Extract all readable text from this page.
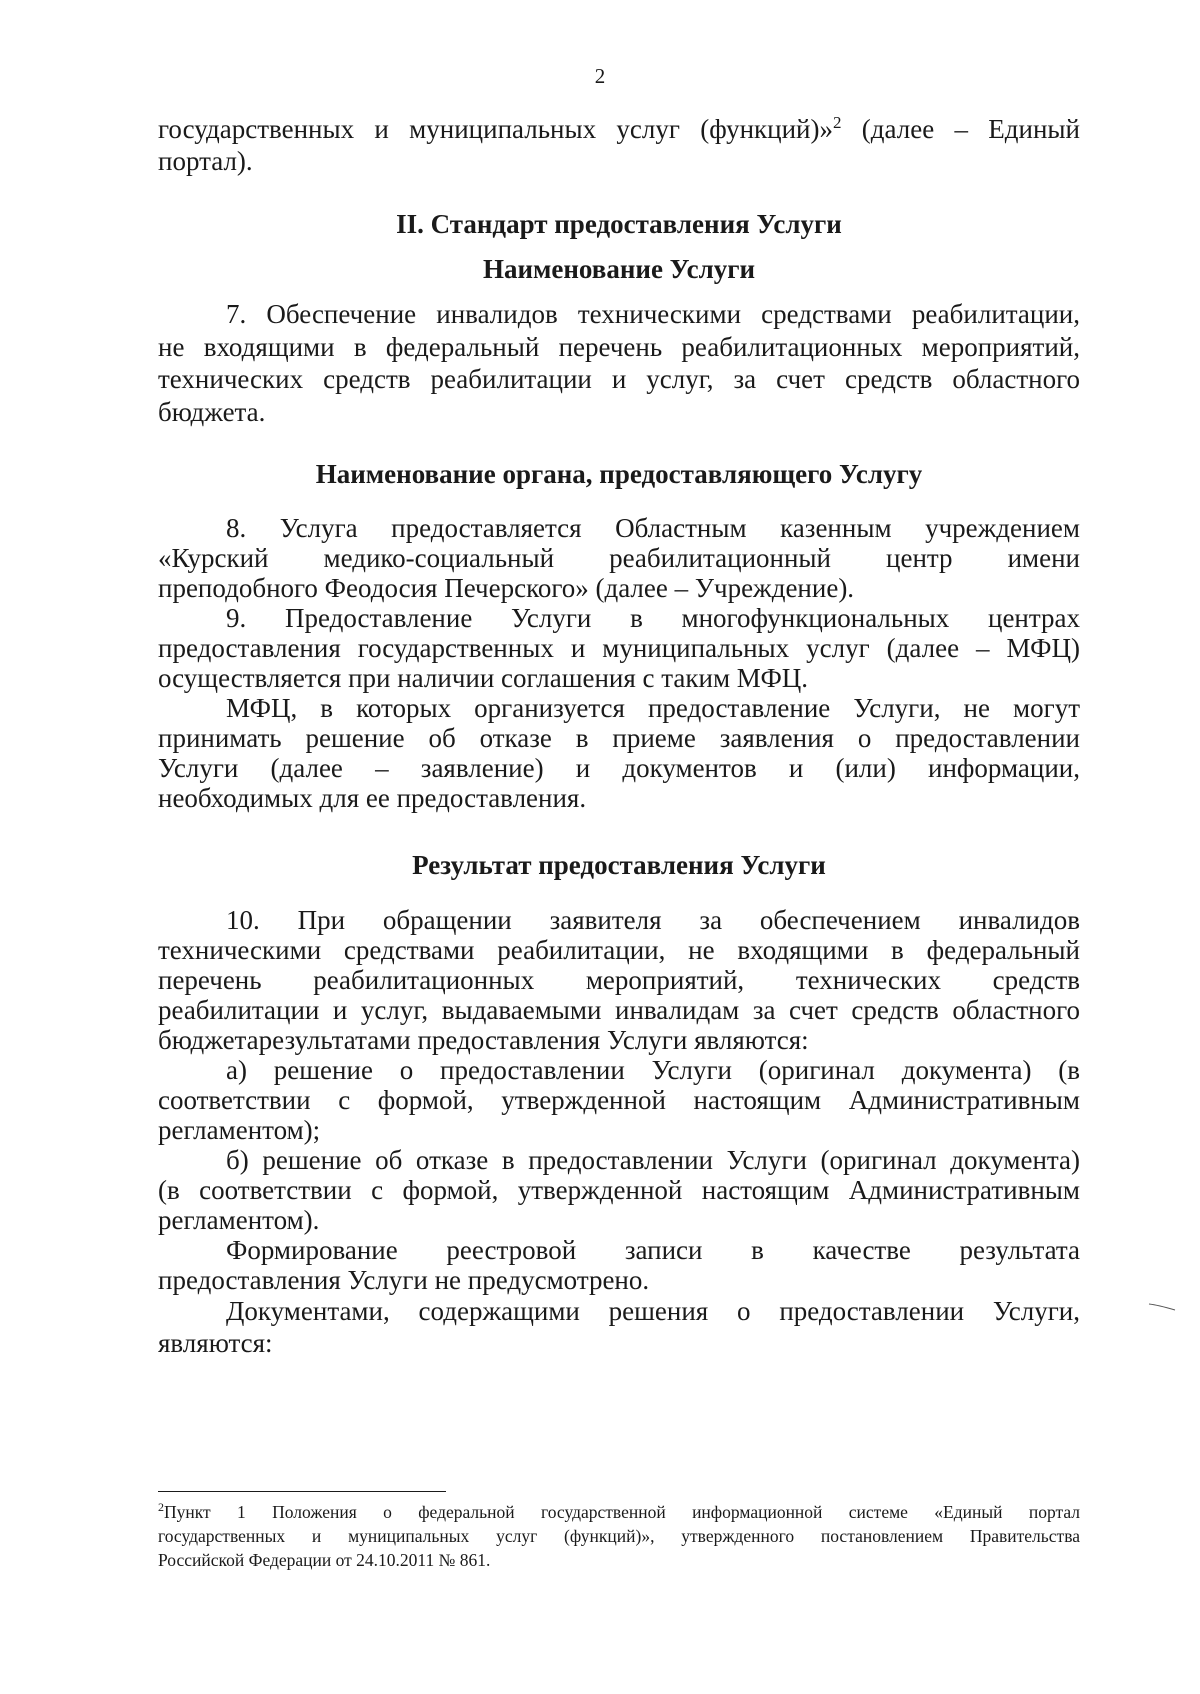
2

государственных и муниципальных услуг (функций)»$^2$ (далее – Единый

портал).

II. Стандарт предоставления Услуги

Наименование Услуги

7. Обеспечение инвалидов техническими средствами реабилитации,

не входящими в федеральный перечень реабилитационных мероприятий,

технических средств реабилитации и услуг, за счет средств областного

бюджета.

Наименование органа, предоставляющего Услугу

8. Услуга предоставляется Областным казенным учреждением

«Курский медико-социальный реабилитационный центр имени

преподобного Феодосия Печерского» (далее – Учреждение).

9. Предоставление Услуги в многофункциональных центрах

предоставления государственных и муниципальных услуг (далее – МФЦ)

осуществляется при наличии соглашения с таким МФЦ.

МФЦ, в которых организуется предоставление Услуги, не могут

принимать решение об отказе в приеме заявления о предоставлении

Услуги (далее – заявление) и документов и (или) информации,

необходимых для ее предоставления.

Результат предоставления Услуги

10. При обращении заявителя за обеспечением инвалидов

техническими средствами реабилитации, не входящими в федеральный

перечень реабилитационных мероприятий, технических средств

реабилитации и услуг, выдаваемыми инвалидам за счет средств областного

бюджетарезультатами предоставления Услуги являются:

а) решение о предоставлении Услуги (оригинал документа) (в

соответствии с формой, утвержденной настоящим Административным

регламентом);

б) решение об отказе в предоставлении Услуги (оригинал документа)

(в соответствии с формой, утвержденной настоящим Административным

регламентом).

Формирование реестровой записи в качестве результата

предоставления Услуги не предусмотрено.

Документами, содержащими решения о предоставлении Услуги,

являются:

$^2$Пункт 1 Положения о федеральной государственной информационной системе «Единый портал

государственных и муниципальных услуг (функций)», утвержденного постановлением Правительства

Российской Федерации от 24.10.2011 № 861.
